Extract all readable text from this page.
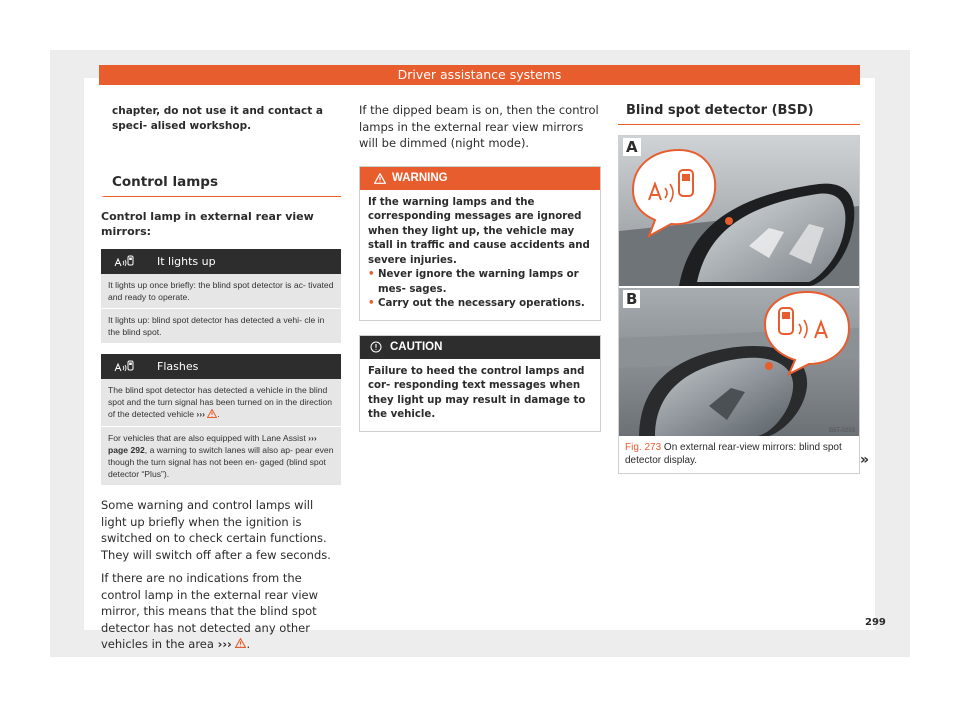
Driver assistance systems
chapter, do not use it and contact a speci- alised workshop.
Control lamps
Control lamp in external rear view mirrors:
It lights up
It lights up once briefly: the blind spot detector is ac- tivated and ready to operate.
It lights up: blind spot detector has detected a vehi- cle in the blind spot.
Flashes
The blind spot detector has detected a vehicle in the blind spot and the turn signal has been turned on in the direction of the detected vehicle ››› .
For vehicles that are also equipped with Lane Assist ››› page 292, a warning to switch lanes will also ap- pear even though the turn signal has not been en- gaged (blind spot detector “Plus”).

Some warning and control lamps will light up briefly when the ignition is switched on to check certain functions. They will switch off after a few seconds.

If there are no indications from the control lamp in the external rear view mirror, this means that the blind spot detector has not detected any other vehicles in the area ››› .

If the dipped beam is on, then the control lamps in the external rear view mirrors will be dimmed (night mode).

WARNING
If the warning lamps and the corresponding messages are ignored when they light up, the vehicle may stall in traffic and cause accidents and severe injuries.
• Never ignore the warning lamps or mes- sages.
• Carry out the necessary operations.
CAUTION
Failure to heed the control lamps and cor- responding text messages when they light up may result in damage to the vehicle.
Blind spot detector (BSD)
A
B
B5T-0253
Fig. 273 On external rear-view mirrors: blind spot detector display.	»
299
